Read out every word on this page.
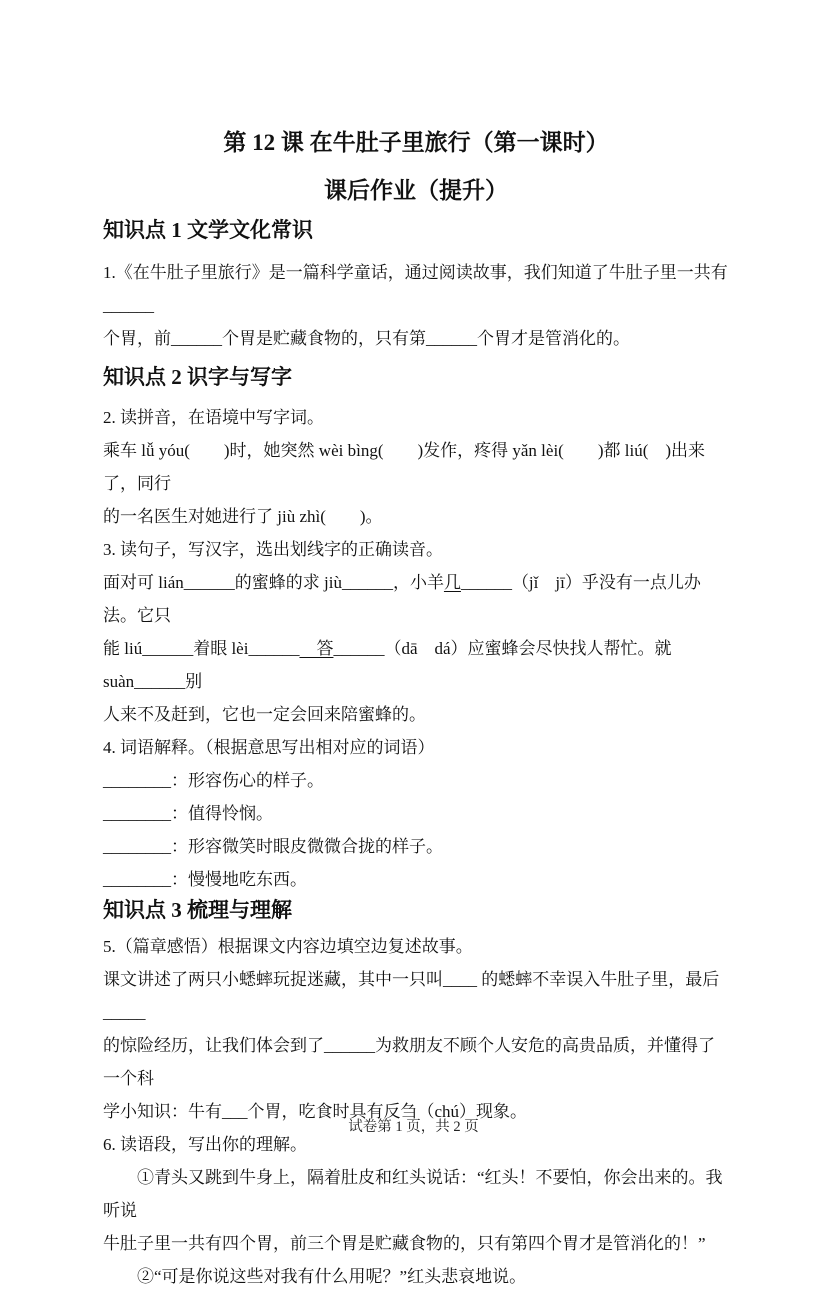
第 12 课 在牛肚子里旅行（第一课时）
课后作业（提升）
知识点 1 文学文化常识
1.《在牛肚子里旅行》是一篇科学童话，通过阅读故事，我们知道了牛肚子里一共有______
个胃，前______个胃是贮藏食物的，只有第______个胃才是管消化的。
知识点 2 识字与写字
2. 读拼音，在语境中写字词。
乘车 lǚ yóu(　　)时，她突然 wèi bìng(　　)发作，疼得 yǎn lèi(　　)都 liú(　)出来了，同行
的一名医生对她进行了 jiù zhì(　　)。
3. 读句子，写汉字，选出划线字的正确读音。
面对可 lián______的蜜蜂的求 jiù______，小羊几______（jǐ　jī）乎没有一点儿办法。它只
能 liú______着眼 lèi______　答______（dā　dá）应蜜蜂会尽快找人帮忙。就 suàn______别
人来不及赶到，它也一定会回来陪蜜蜂的。
4. 词语解释。（根据意思写出相对应的词语）
________：形容伤心的样子。
________：值得怜悯。
________：形容微笑时眼皮微微合拢的样子。
________：慢慢地吃东西。
知识点 3 梳理与理解
5.（篇章感悟）根据课文内容边填空边复述故事。
课文讲述了两只小蟋蟀玩捉迷藏，其中一只叫____ 的蟋蟀不幸误入牛肚子里，最后_____
的惊险经历，让我们体会到了______为救朋友不顾个人安危的高贵品质，并懂得了一个科
学小知识：牛有___个胃，吃食时具有反刍（chú）现象。
6. 读语段，写出你的理解。
①青头又跳到牛身上，隔着肚皮和红头说话：“红头！不要怕，你会出来的。我听说
牛肚子里一共有四个胃，前三个胃是贮藏食物的，只有第四个胃才是管消化的！”
②“可是你说这些对我有什么用呢？”红头悲哀地说。
试卷第 1 页，共 2 页
